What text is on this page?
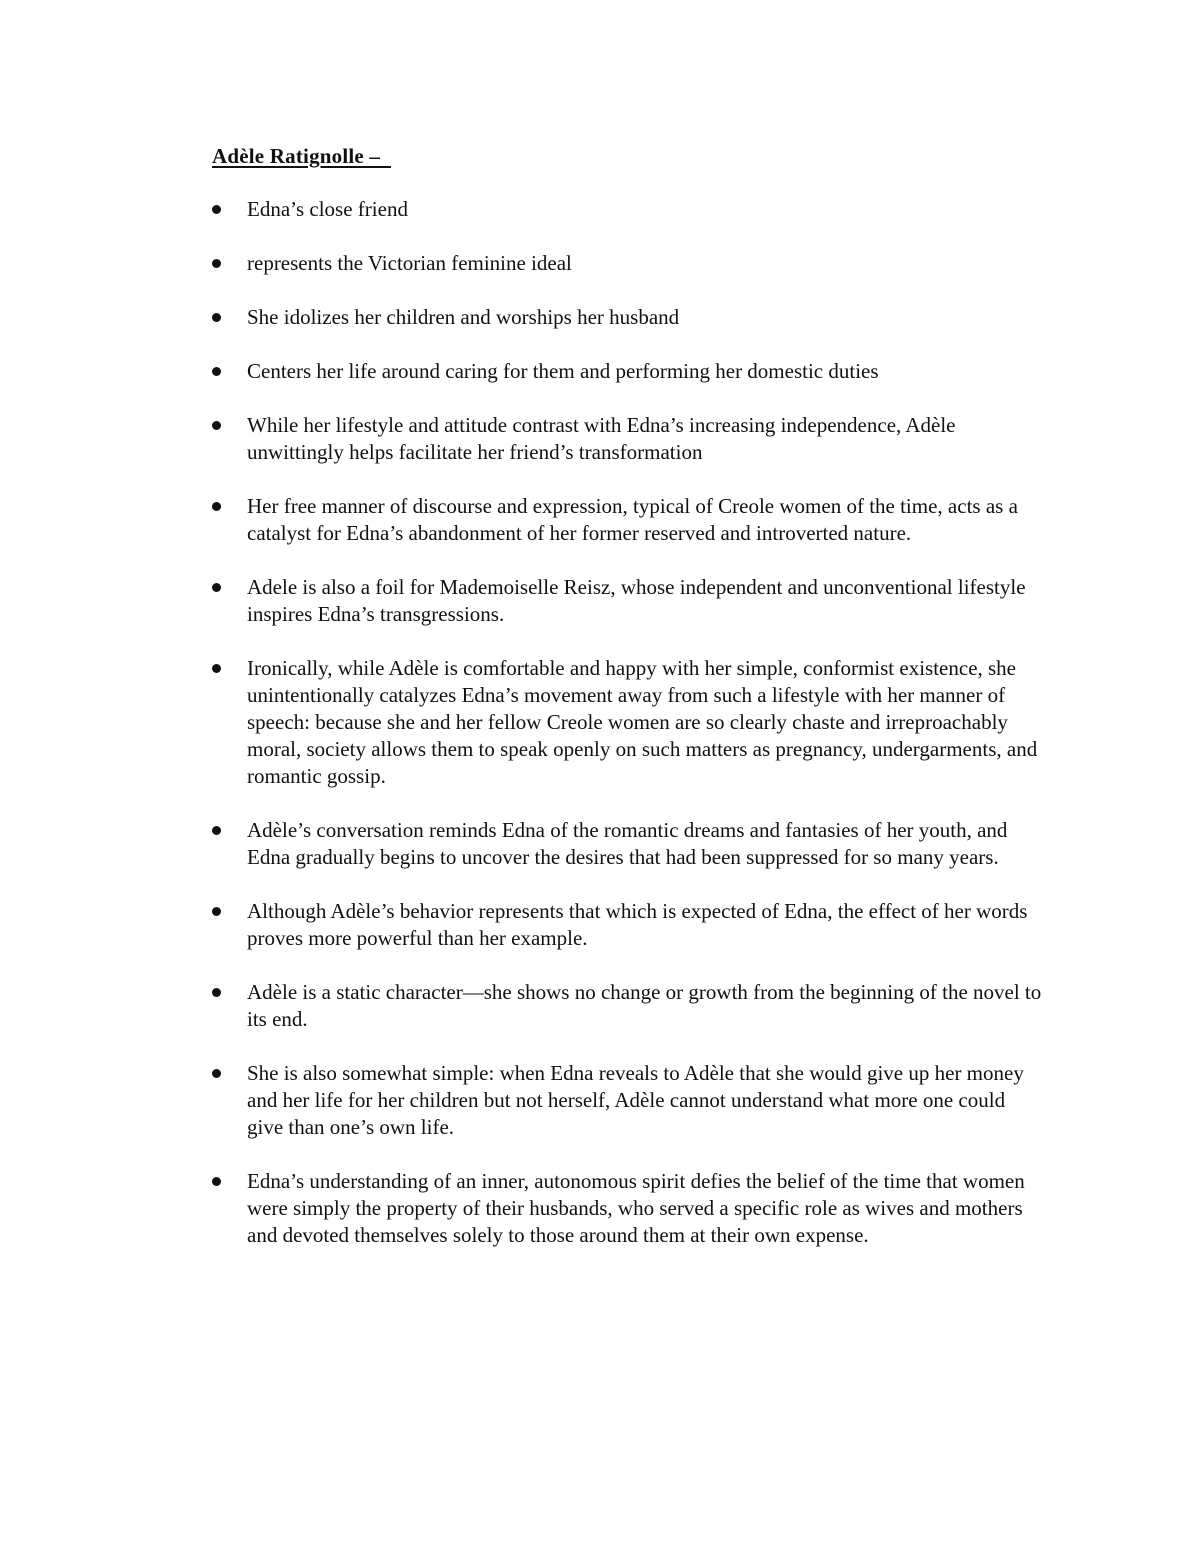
Adèle Ratignolle –
Edna’s close friend
represents the Victorian feminine ideal
She idolizes her children and worships her husband
Centers her life around caring for them and performing her domestic duties
While her lifestyle and attitude contrast with Edna’s increasing independence, Adèle unwittingly helps facilitate her friend’s transformation
Her free manner of discourse and expression, typical of Creole women of the time, acts as a catalyst for Edna’s abandonment of her former reserved and introverted nature.
Adele is also a foil for Mademoiselle Reisz, whose independent and unconventional lifestyle inspires Edna’s transgressions.
Ironically, while Adèle is comfortable and happy with her simple, conformist existence, she unintentionally catalyzes Edna’s movement away from such a lifestyle with her manner of speech: because she and her fellow Creole women are so clearly chaste and irreproachably moral, society allows them to speak openly on such matters as pregnancy, undergarments, and romantic gossip.
Adèle’s conversation reminds Edna of the romantic dreams and fantasies of her youth, and Edna gradually begins to uncover the desires that had been suppressed for so many years.
Although Adèle’s behavior represents that which is expected of Edna, the effect of her words proves more powerful than her example.
Adèle is a static character—she shows no change or growth from the beginning of the novel to its end.
She is also somewhat simple: when Edna reveals to Adèle that she would give up her money and her life for her children but not herself, Adèle cannot understand what more one could give than one’s own life.
Edna’s understanding of an inner, autonomous spirit defies the belief of the time that women were simply the property of their husbands, who served a specific role as wives and mothers and devoted themselves solely to those around them at their own expense.
